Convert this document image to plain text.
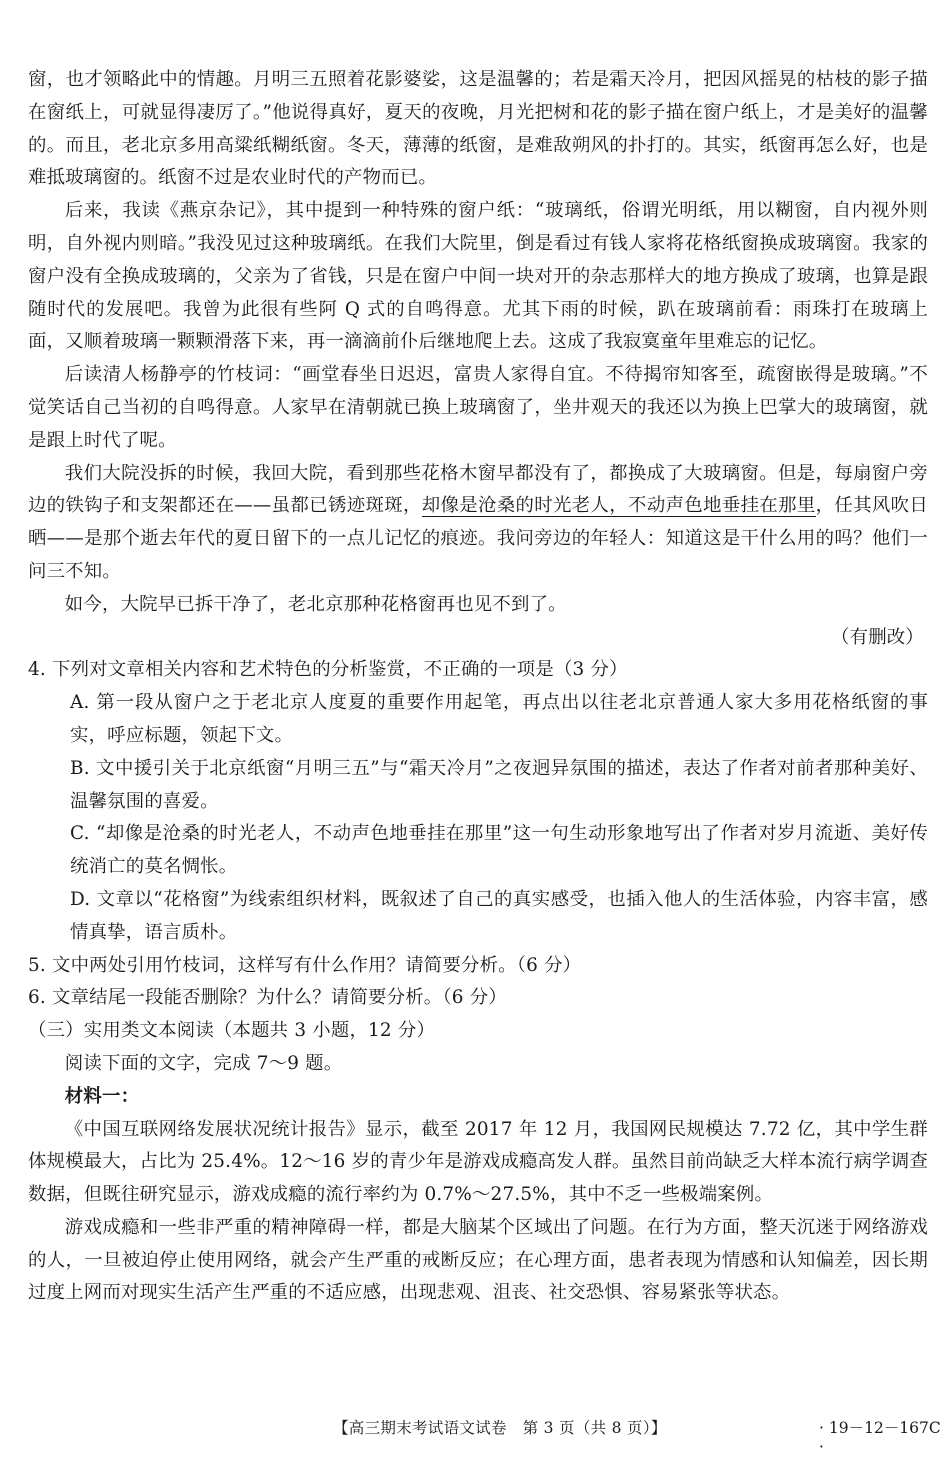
窗，也才领略此中的情趣。月明三五照着花影婆娑，这是温馨的；若是霜天冷月，把因风摇晃的枯枝的影子描在窗纸上，可就显得凄厉了。”他说得真好，夏天的夜晚，月光把树和花的影子描在窗户纸上，才是美好的温馨的。而且，老北京多用高粱纸糊纸窗。冬天，薄薄的纸窗，是难敌朔风的扑打的。其实，纸窗再怎么好，也是难抵玻璃窗的。纸窗不过是农业时代的产物而已。

后来，我读《燕京杂记》，其中提到一种特殊的窗户纸：“玻璃纸，俗谓光明纸，用以糊窗，自内视外则明，自外视内则暗。”我没见过这种玻璃纸。在我们大院里，倒是看过有钱人家将花格纸窗换成玻璃窗。我家的窗户没有全换成玻璃的，父亲为了省钱，只是在窗户中间一块对开的杂志那样大的地方换成了玻璃，也算是跟随时代的发展吧。我曾为此很有些阿 Q 式的自鸣得意。尤其下雨的时候，趴在玻璃前看：雨珠打在玻璃上面，又顺着玻璃一颗颗滑落下来，再一滴滴前仆后继地爬上去。这成了我寂寞童年里难忘的记忆。

后读清人杨静亭的竹枝词：“画堂春坐日迟迟，富贵人家得自宜。不待揭帘知客至，疏窗嵌得是玻璃。”不觉笑话自己当初的自鸣得意。人家早在清朝就已换上玻璃窗了，坐井观天的我还以为换上巴掌大的玻璃窗，就是跟上时代了呢。

我们大院没拆的时候，我回大院，看到那些花格木窗早都没有了，都换成了大玻璃窗。但是，每扇窗户旁边的铁钩子和支架都还在——虽都已锈迹斑斑，却像是沧桑的时光老人，不动声色地垂挂在那里，任其风吹日晒——是那个逝去年代的夏日留下的一点儿记忆的痕迹。我问旁边的年轻人：知道这是干什么用的吗？他们一问三不知。

如今，大院早已拆干净了，老北京那种花格窗再也见不到了。

（有删改）

4. 下列对文章相关内容和艺术特色的分析鉴赏，不正确的一项是（3 分）

A. 第一段从窗户之于老北京人度夏的重要作用起笔，再点出以往老北京普通人家大多用花格纸窗的事实，呼应标题，领起下文。

B. 文中援引关于北京纸窗“月明三五”与“霜天冷月”之夜迥异氛围的描述，表达了作者对前者那种美好、温馨氛围的喜爱。

C. “却像是沧桑的时光老人，不动声色地垂挂在那里”这一句生动形象地写出了作者对岁月流逝、美好传统消亡的莫名惆怅。

D. 文章以“花格窗”为线索组织材料，既叙述了自己的真实感受，也插入他人的生活体验，内容丰富，感情真挚，语言质朴。

5. 文中两处引用竹枝词，这样写有什么作用？请简要分析。（6 分）

6. 文章结尾一段能否删除？为什么？请简要分析。（6 分）

（三）实用类文本阅读（本题共 3 小题，12 分）

阅读下面的文字，完成 7～9 题。

材料一：

《中国互联网络发展状况统计报告》显示，截至 2017 年 12 月，我国网民规模达 7.72 亿，其中学生群体规模最大，占比为 25.4%。12～16 岁的青少年是游戏成瘾高发人群。虽然目前尚缺乏大样本流行病学调查数据，但既往研究显示，游戏成瘾的流行率约为 0.7%～27.5%，其中不乏一些极端案例。

游戏成瘾和一些非严重的精神障碍一样，都是大脑某个区域出了问题。在行为方面，整天沉迷于网络游戏的人，一旦被迫停止使用网络，就会产生严重的戒断反应；在心理方面，患者表现为情感和认知偏差，因长期过度上网而对现实生活产生严重的不适应感，出现悲观、沮丧、社交恐惧、容易紧张等状态。

【高三期末考试语文试卷　第 3 页（共 8 页）】	· 19－12－167C ·
